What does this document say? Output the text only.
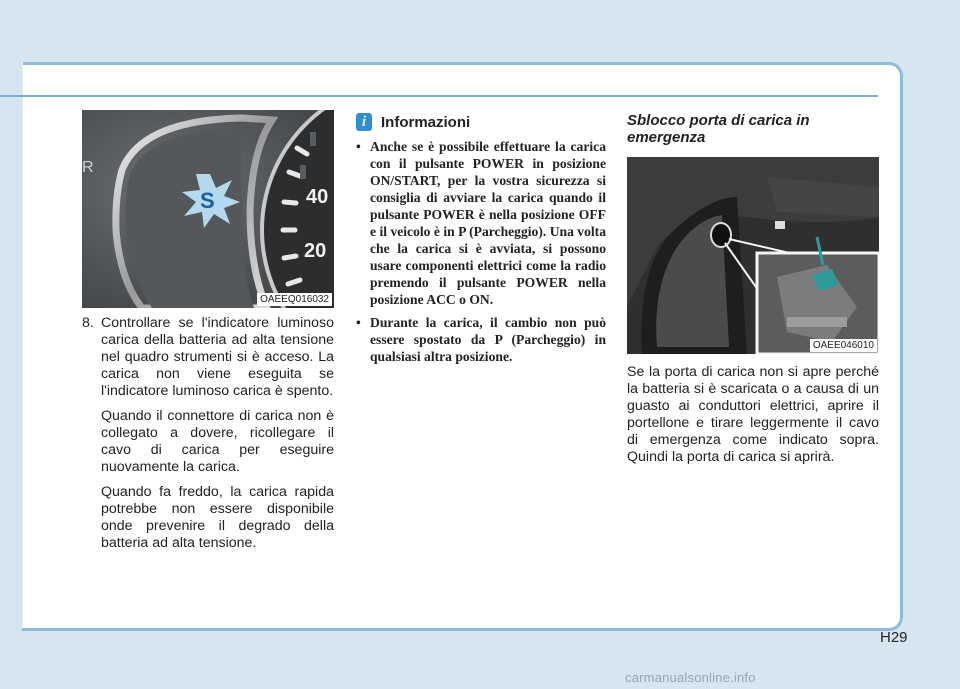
R
S	40
20
OAEEQ016032
8. Controllare se l'indicatore luminoso carica della batteria ad alta tensione nel quadro strumenti si è acceso. La carica non viene eseguita se l'indicatore luminoso carica è spento.

Quando il connettore di carica non è collegato a dovere, ricollegare il cavo di carica per eseguire nuovamente la carica.

Quando fa freddo, la carica rapida potrebbe non essere disponibile onde prevenire il degrado della batteria ad alta tensione.

i Informazioni
• Anche se è possibile effettuare la carica con il pulsante POWER in posizione ON/START, per la vostra sicurezza si consiglia di avviare la carica quando il pulsante POWER è nella posizione OFF e il veicolo è in P (Parcheggio). Una volta che la carica si è avviata, si possono usare componenti elettrici come la radio premendo il pulsante POWER nella posizione ACC o ON.
• Durante la carica, il cambio non può essere spostato da P (Parcheggio) in qualsiasi altra posizione.
Sblocco porta di carica in emergenza
OAEE046010
Se la porta di carica non si apre perché la batteria si è scaricata o a causa di un guasto ai conduttori elettrici, aprire il portellone e tirare leggermente il cavo di emergenza come indicato sopra. Quindi la porta di carica si aprirà.
H29
carmanualsonline.info
